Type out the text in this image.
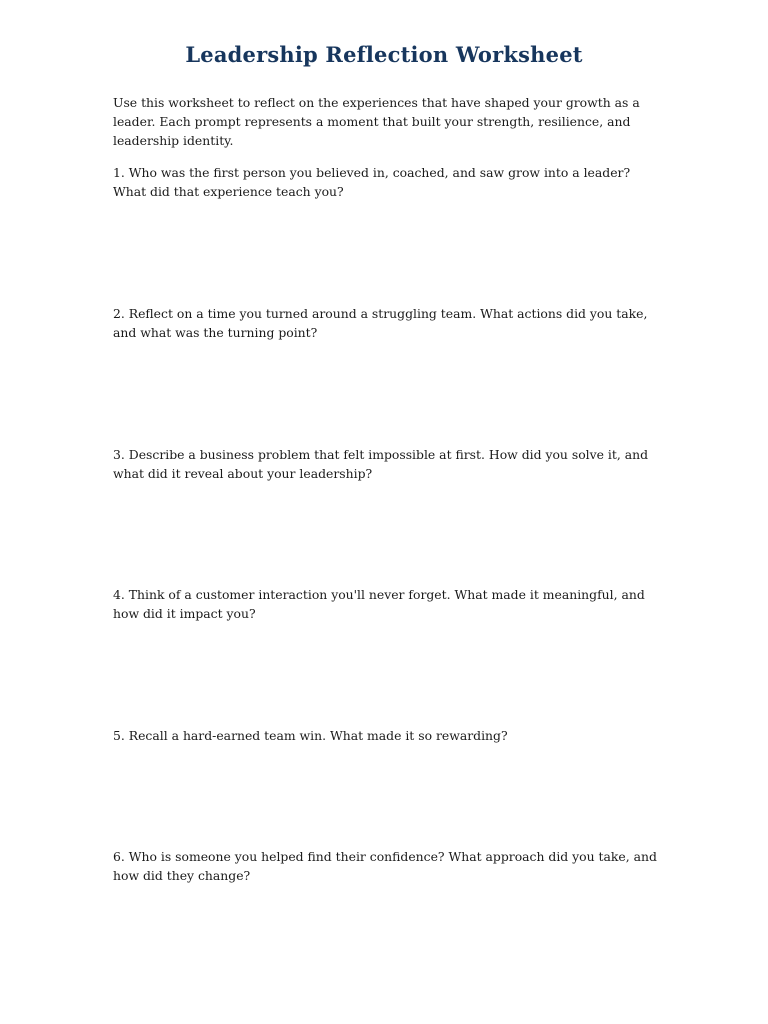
Leadership Reflection Worksheet

Use this worksheet to reflect on the experiences that have shaped your growth as a leader. Each prompt represents a moment that built your strength, resilience, and leadership identity.

1. Who was the first person you believed in, coached, and saw grow into a leader? What did that experience teach you?

2. Reflect on a time you turned around a struggling team. What actions did you take, and what was the turning point?

3. Describe a business problem that felt impossible at first. How did you solve it, and what did it reveal about your leadership?

4. Think of a customer interaction you'll never forget. What made it meaningful, and how did it impact you?

5. Recall a hard-earned team win. What made it so rewarding?

6. Who is someone you helped find their confidence? What approach did you take, and how did they change?
